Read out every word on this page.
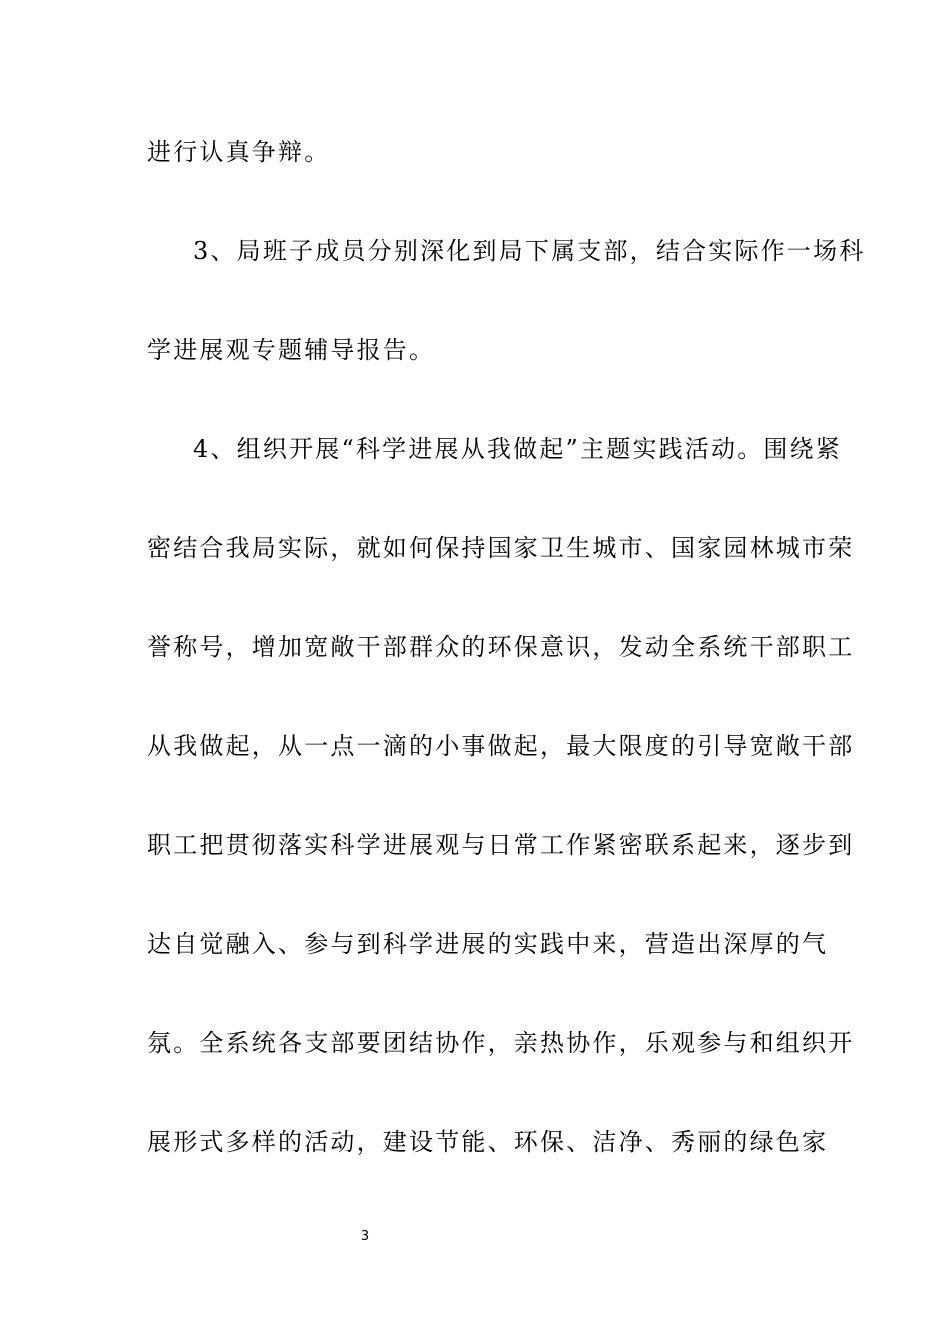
进行认真争辩。
3、局班子成员分别深化到局下属支部，结合实际作一场科
学进展观专题辅导报告。
4、组织开展“科学进展从我做起”主题实践活动。围绕紧
密结合我局实际，就如何保持国家卫生城市、国家园林城市荣
誉称号，增加宽敞干部群众的环保意识，发动全系统干部职工
从我做起，从一点一滴的小事做起，最大限度的引导宽敞干部
职工把贯彻落实科学进展观与日常工作紧密联系起来，逐步到
达自觉融入、参与到科学进展的实践中来，营造出深厚的气
氛。全系统各支部要团结协作，亲热协作，乐观参与和组织开
展形式多样的活动，建设节能、环保、洁净、秀丽的绿色家
3
